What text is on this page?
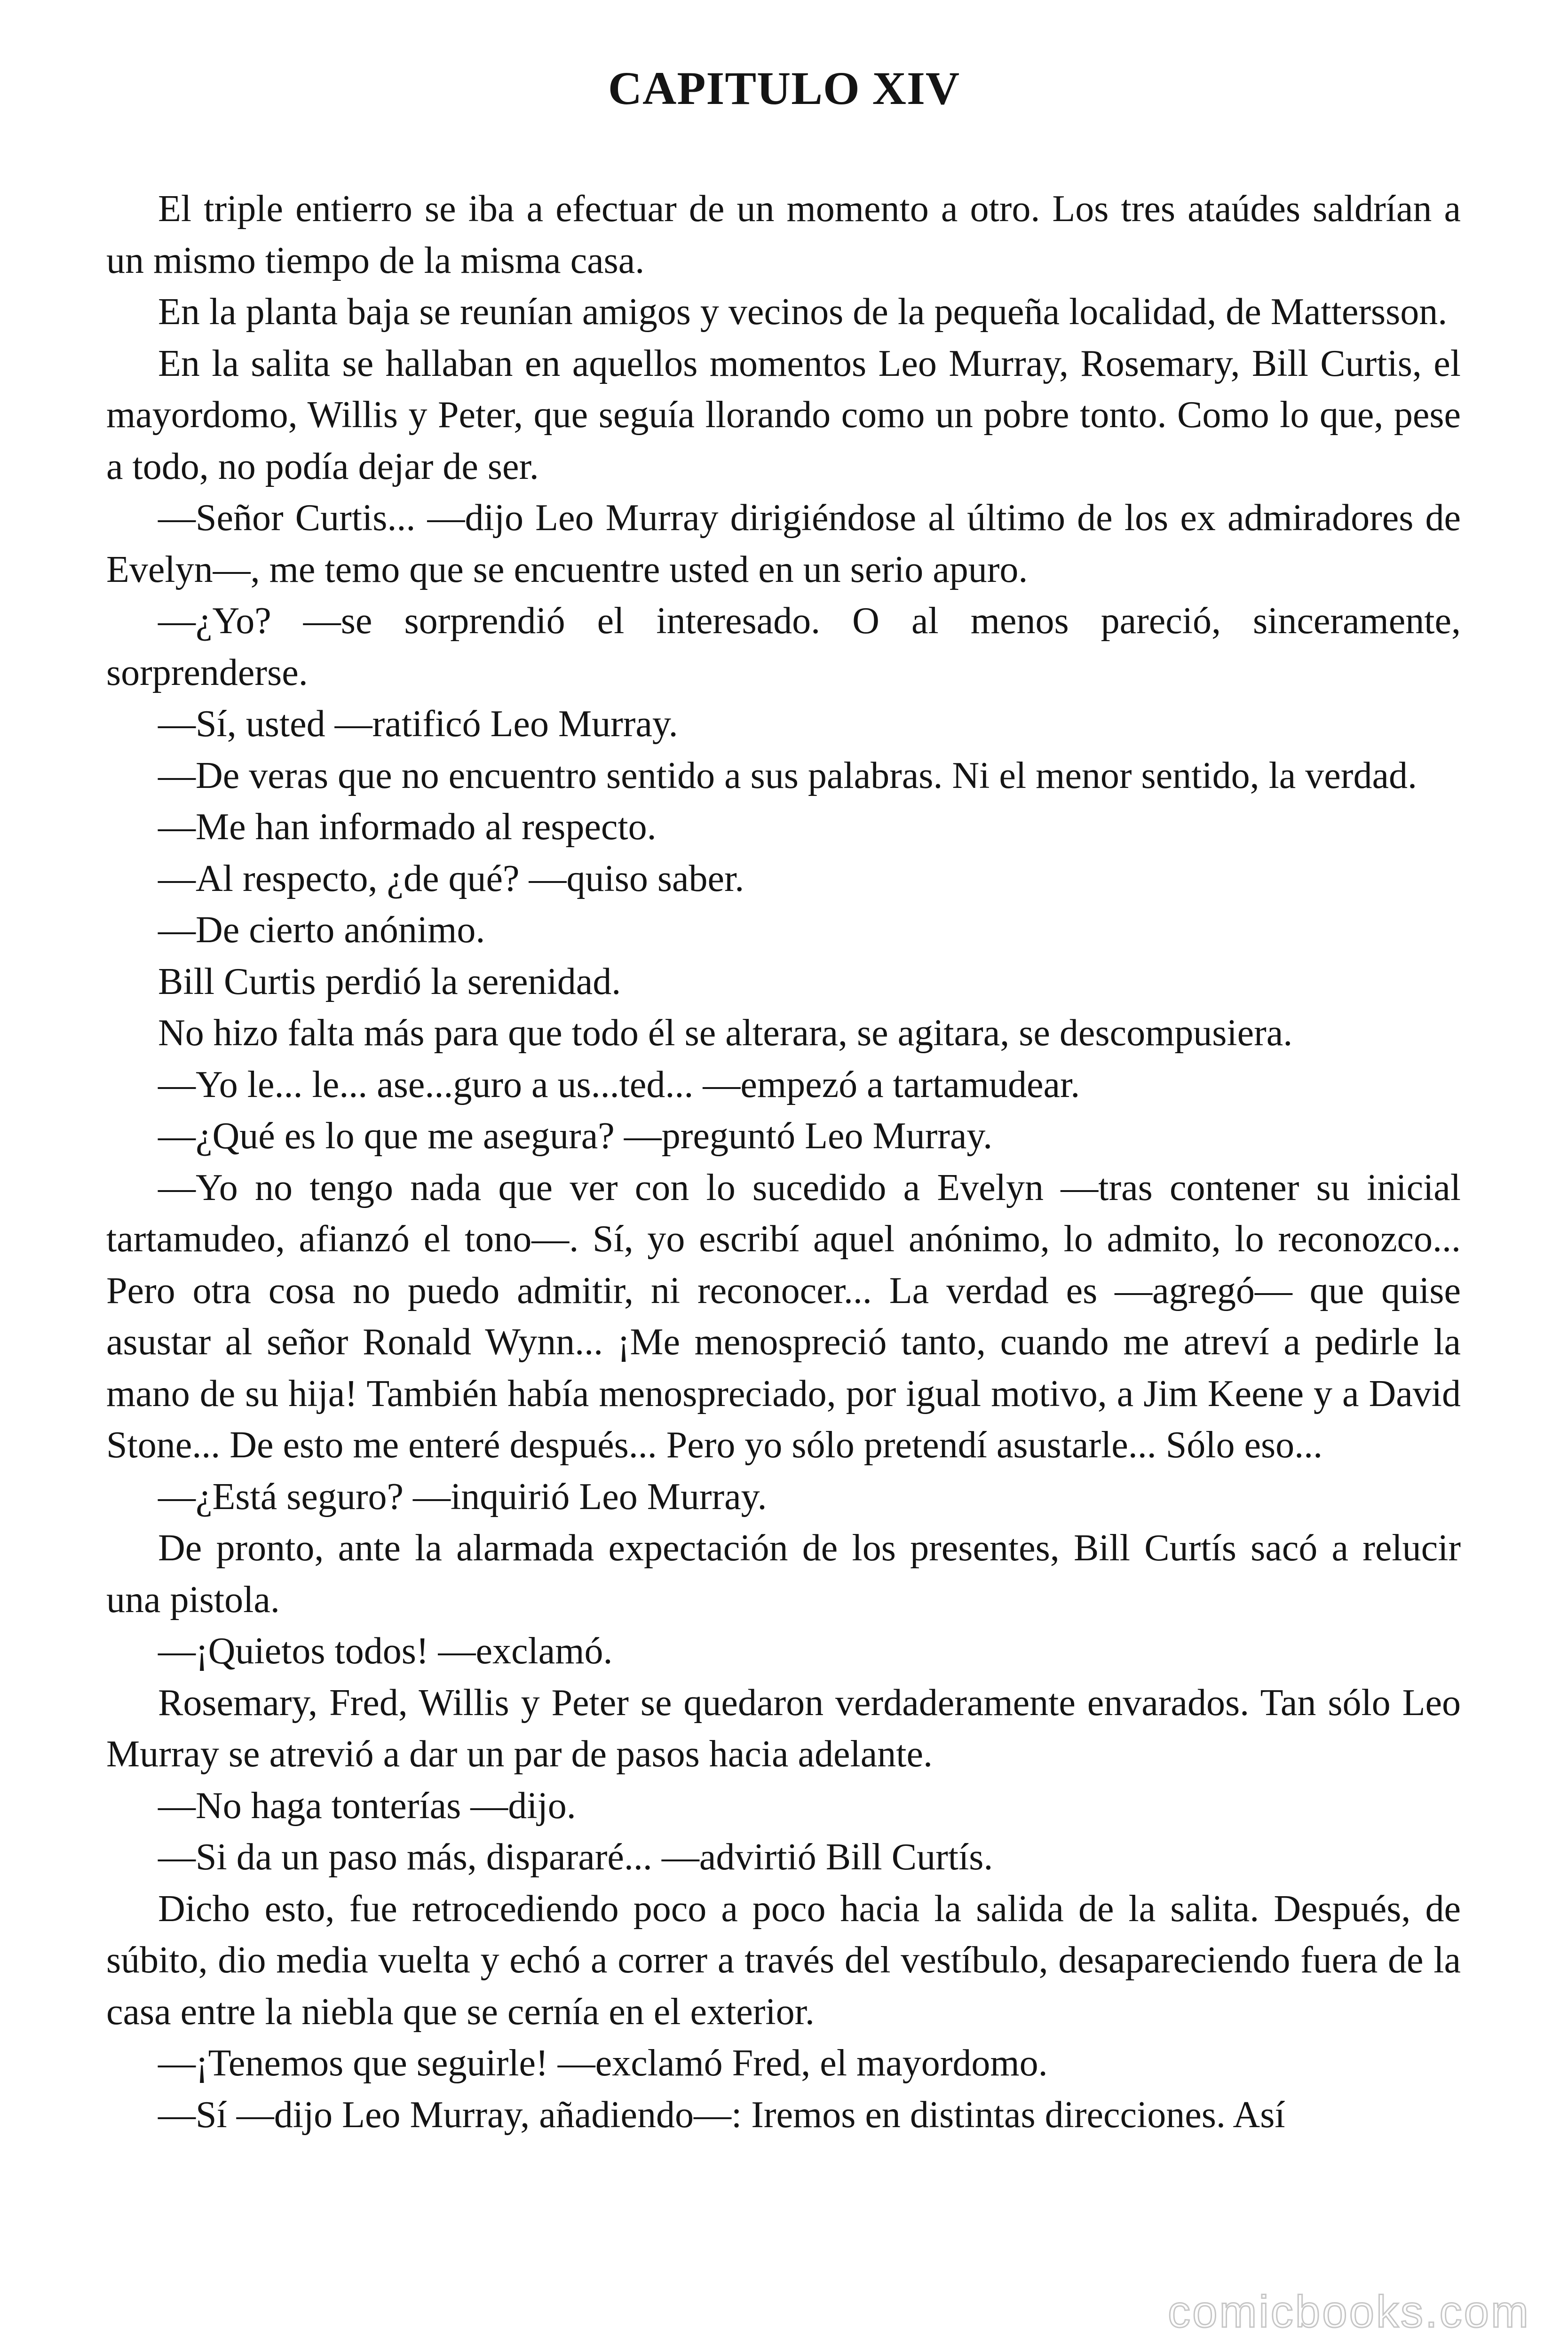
CAPITULO XIV

El triple entierro se iba a efectuar de un momento a otro. Los tres ataúdes saldrían a un mismo tiempo de la misma casa.

En la planta baja se reunían amigos y vecinos de la pequeña localidad, de Mattersson.

En la salita se hallaban en aquellos momentos Leo Murray, Rosemary, Bill Curtis, el mayordomo, Willis y Peter, que seguía llorando como un pobre tonto. Como lo que, pese a todo, no podía dejar de ser.

—Señor Curtis... —dijo Leo Murray dirigiéndose al último de los ex admiradores de Evelyn—, me temo que se encuentre usted en un serio apuro.

—¿Yo? —se sorprendió el interesado. O al menos pareció, sinceramente, sorprenderse.

—Sí, usted —ratificó Leo Murray.

—De veras que no encuentro sentido a sus palabras. Ni el menor sentido, la verdad.

—Me han informado al respecto.

—Al respecto, ¿de qué? —quiso saber.

—De cierto anónimo.

Bill Curtis perdió la serenidad.

No hizo falta más para que todo él se alterara, se agitara, se descompusiera.

—Yo le... le... ase...guro a us...ted... —empezó a tartamudear.

—¿Qué es lo que me asegura? —preguntó Leo Murray.

—Yo no tengo nada que ver con lo sucedido a Evelyn —tras contener su inicial tartamudeo, afianzó el tono—. Sí, yo escribí aquel anónimo, lo admito, lo reconozco... Pero otra cosa no puedo admitir, ni reconocer... La verdad es —agregó— que quise asustar al señor Ronald Wynn... ¡Me menospreció tanto, cuando me atreví a pedirle la mano de su hija! También había menospreciado, por igual motivo, a Jim Keene y a David Stone... De esto me enteré después... Pero yo sólo pretendí asustarle... Sólo eso...

—¿Está seguro? —inquirió Leo Murray.

De pronto, ante la alarmada expectación de los presentes, Bill Curtís sacó a relucir una pistola.

—¡Quietos todos! —exclamó.

Rosemary, Fred, Willis y Peter se quedaron verdaderamente envarados. Tan sólo Leo Murray se atrevió a dar un par de pasos hacia adelante.

—No haga tonterías —dijo.

—Si da un paso más, dispararé... —advirtió Bill Curtís.

Dicho esto, fue retrocediendo poco a poco hacia la salida de la salita. Después, de súbito, dio media vuelta y echó a correr a través del vestíbulo, desapareciendo fuera de la casa entre la niebla que se cernía en el exterior.

—¡Tenemos que seguirle! —exclamó Fred, el mayordomo.

—Sí —dijo Leo Murray, añadiendo—: Iremos en distintas direcciones. Así

comicbooks.com
